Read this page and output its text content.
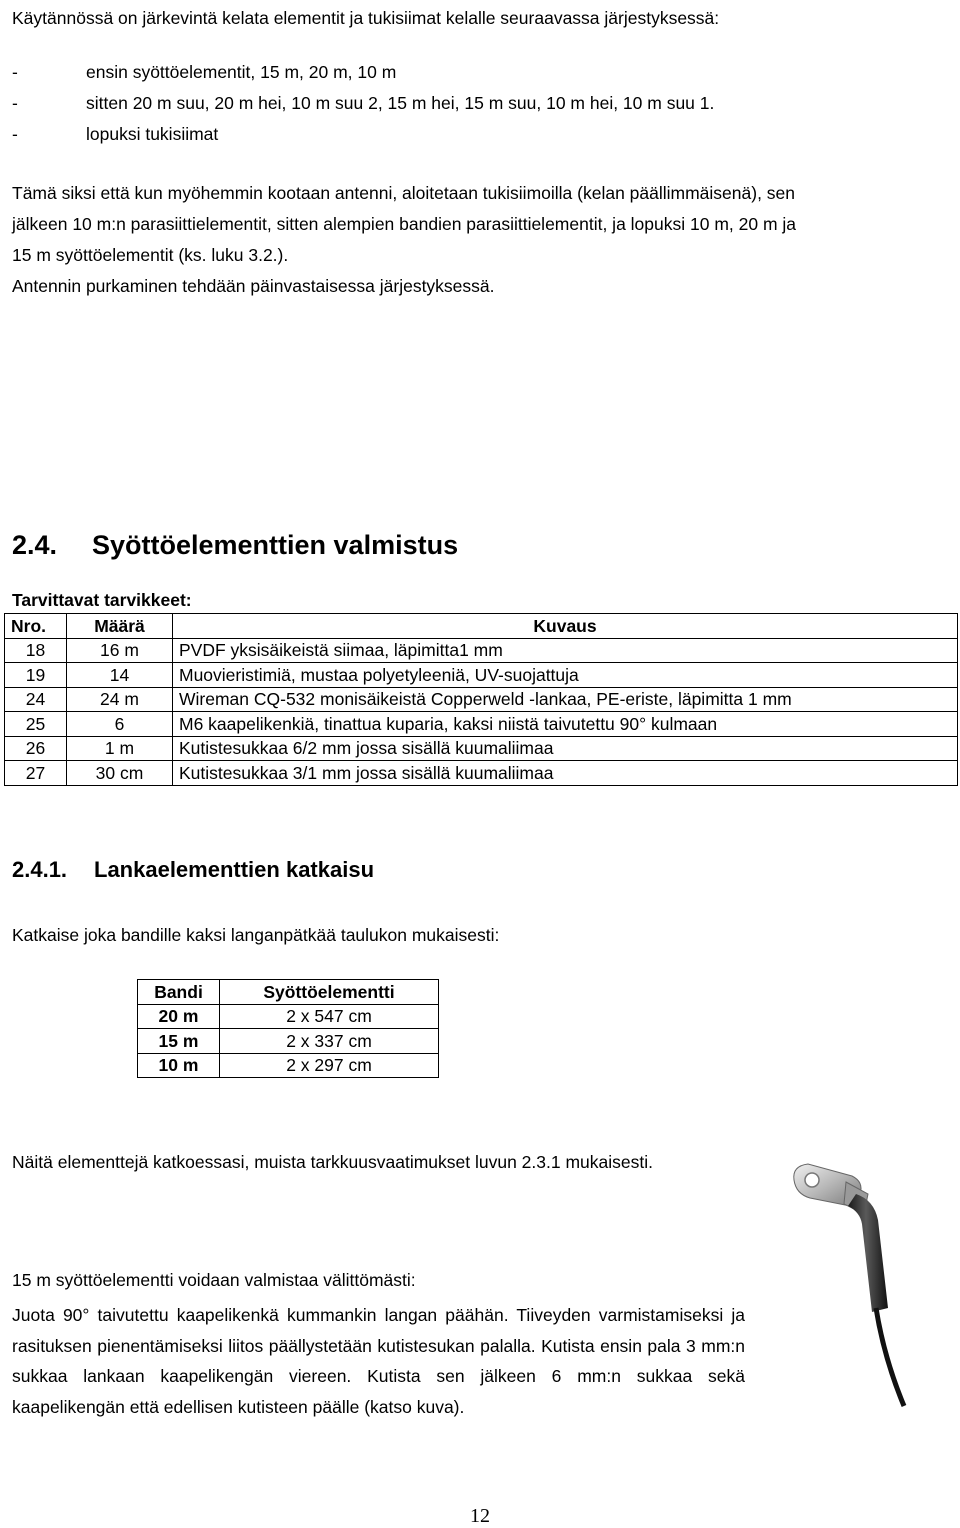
Käytännössä on järkevintä kelata elementit ja tukisiimat kelalle seuraavassa järjestyksessä:
-	ensin syöttöelementit, 15 m, 20 m, 10 m
-	sitten 20 m suu, 20 m hei, 10 m suu 2, 15 m hei, 15 m suu, 10 m hei, 10 m suu 1.
-	lopuksi tukisiimat
Tämä siksi että kun myöhemmin kootaan antenni, aloitetaan tukisiimoilla (kelan päällimmäisenä), sen
jälkeen 10 m:n parasiittielementit, sitten alempien bandien parasiittielementit, ja lopuksi 10 m, 20 m ja
15 m syöttöelementit (ks. luku 3.2.).
Antennin purkaminen tehdään päinvastaisessa järjestyksessä.
2.4. Syöttöelementtien valmistus
Tarvittavat tarvikkeet:
Nro.	Määrä	Kuvaus
18	16 m	PVDF yksisäikeistä siimaa, läpimitta1 mm
19	14	Muovieristimiä, mustaa polyetyleeniä, UV-suojattuja
24	24 m	Wireman CQ-532 monisäikeistä Copperweld -lankaa, PE-eriste, läpimitta 1 mm
25	6	M6 kaapelikenkiä, tinattua kuparia, kaksi niistä taivutettu 90° kulmaan
26	1 m	Kutistesukkaa 6/2 mm jossa sisällä kuumaliimaa
27	30 cm	Kutistesukkaa 3/1 mm jossa sisällä kuumaliimaa
2.4.1. Lankaelementtien katkaisu
Katkaise joka bandille kaksi langanpätkää taulukon mukaisesti:
Bandi	Syöttöelementti
20 m	2 x 547 cm
15 m	2 x 337 cm
10 m	2 x 297 cm
Näitä elementtejä katkoessasi, muista tarkkuusvaatimukset luvun 2.3.1 mukaisesti.
15 m syöttöelementti voidaan valmistaa välittömästi:
Juota 90° taivutettu kaapelikenkä kummankin langan päähän. Tiiveyden varmistamiseksi ja rasituksen pienentämiseksi liitos päällystetään kutistesukan palalla. Kutista ensin pala 3 mm:n sukkaa lankaan kaapelikengän viereen. Kutista sen jälkeen 6 mm:n sukkaa sekä kaapelikengän että edellisen kutisteen päälle (katso kuva).
12
